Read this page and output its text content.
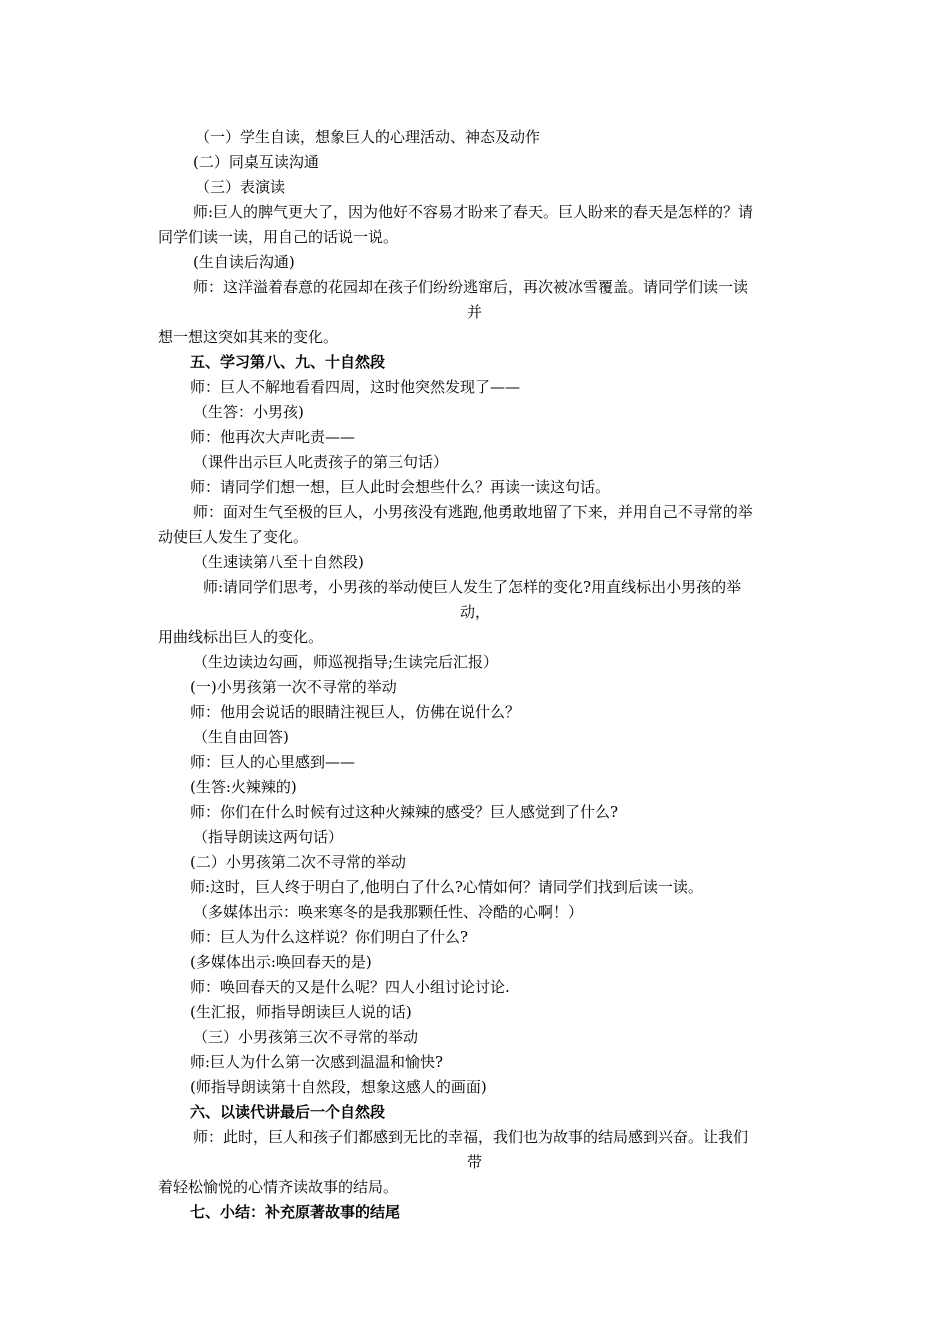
（一）学生自读，想象巨人的心理活动、神态及动作
(二）同桌互读沟通
（三）表演读
师:巨人的脾气更大了，因为他好不容易才盼来了春天。巨人盼来的春天是怎样的？请
同学们读一读，用自己的话说一说。
(生自读后沟通)
师：这洋溢着春意的花园却在孩子们纷纷逃窜后，再次被冰雪覆盖。请同学们读一读
并
想一想这突如其来的变化。
五、学习第八、九、十自然段
师：巨人不解地看看四周，这时他突然发现了——
（生答：小男孩)
师：他再次大声叱责——
（课件出示巨人叱责孩子的第三句话）
师：请同学们想一想，巨人此时会想些什么？再读一读这句话。
师：面对生气至极的巨人，小男孩没有逃跑,他勇敢地留了下来，并用自己不寻常的举
动使巨人发生了变化。
（生速读第八至十自然段)
师:请同学们思考，小男孩的举动使巨人发生了怎样的变化?用直线标出小男孩的举
动，
用曲线标出巨人的变化。
（生边读边勾画，师巡视指导;生读完后汇报）
(一)小男孩第一次不寻常的举动
师：他用会说话的眼睛注视巨人，仿佛在说什么？
（生自由回答)
师：巨人的心里感到——
(生答:火辣辣的)
师：你们在什么时候有过这种火辣辣的感受？巨人感觉到了什么?
（指导朗读这两句话）
(二）小男孩第二次不寻常的举动
师:这时，巨人终于明白了,他明白了什么?心情如何？请同学们找到后读一读。
（多媒体出示：唤来寒冬的是我那颗任性、冷酷的心啊！）
师：巨人为什么这样说？你们明白了什么?
(多媒体出示:唤回春天的是)
师：唤回春天的又是什么呢？四人小组讨论讨论.
(生汇报，师指导朗读巨人说的话)
（三）小男孩第三次不寻常的举动
师:巨人为什么第一次感到温温和愉快?
(师指导朗读第十自然段，想象这感人的画面)
六、以读代讲最后一个自然段
师：此时，巨人和孩子们都感到无比的幸福，我们也为故事的结局感到兴奋。让我们
带
着轻松愉悦的心情齐读故事的结局。
七、小结：补充原著故事的结尾
